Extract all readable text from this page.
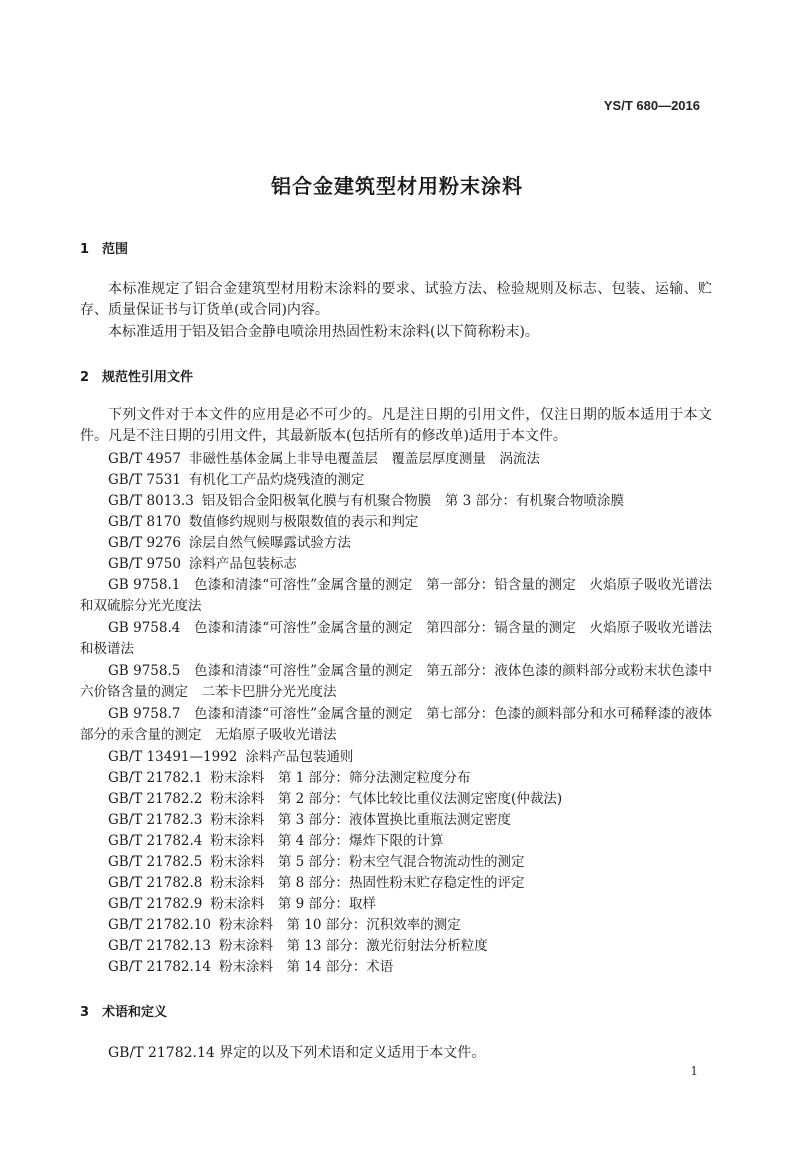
YS/T 680—2016
铝合金建筑型材用粉末涂料
1 范围

本标准规定了铝合金建筑型材用粉末涂料的要求、试验方法、检验规则及标志、包装、运输、贮存、质量保证书与订货单(或合同)内容。

本标准适用于铝及铝合金静电喷涂用热固性粉末涂料(以下简称粉末)。

2 规范性引用文件

下列文件对于本文件的应用是必不可少的。凡是注日期的引用文件，仅注日期的版本适用于本文件。凡是不注日期的引用文件，其最新版本(包括所有的修改单)适用于本文件。

GB/T 4957 非磁性基体金属上非导电覆盖层　覆盖层厚度测量　涡流法
GB/T 7531 有机化工产品灼烧残渣的测定
GB/T 8013.3 铝及铝合金阳极氧化膜与有机聚合物膜　第 3 部分：有机聚合物喷涂膜
GB/T 8170 数值修约规则与极限数值的表示和判定
GB/T 9276 涂层自然气候曝露试验方法
GB/T 9750 涂料产品包装标志

GB 9758.1　 色漆和清漆“可溶性”金属含量的测定　第一部分：铅含量的测定　火焰原子吸收光谱法和双硫腙分光光度法

GB 9758.4　 色漆和清漆“可溶性”金属含量的测定　第四部分：镉含量的测定　火焰原子吸收光谱法和极谱法

GB 9758.5　 色漆和清漆“可溶性”金属含量的测定　第五部分：液体色漆的颜料部分或粉末状色漆中六价铬含量的测定　二苯卡巴肼分光光度法

GB 9758.7　 色漆和清漆“可溶性”金属含量的测定　第七部分：色漆的颜料部分和水可稀释漆的液体部分的汞含量的测定　无焰原子吸收光谱法

GB/T 13491—1992 涂料产品包装通则
GB/T 21782.1 粉末涂料　第 1 部分：筛分法测定粒度分布
GB/T 21782.2 粉末涂料　第 2 部分：气体比较比重仪法测定密度(仲裁法)
GB/T 21782.3 粉末涂料　第 3 部分：液体置换比重瓶法测定密度
GB/T 21782.4 粉末涂料　第 4 部分：爆炸下限的计算
GB/T 21782.5 粉末涂料　第 5 部分：粉末空气混合物流动性的测定
GB/T 21782.8 粉末涂料　第 8 部分：热固性粉末贮存稳定性的评定
GB/T 21782.9 粉末涂料　第 9 部分：取样
GB/T 21782.10 粉末涂料　第 10 部分：沉积效率的测定
GB/T 21782.13 粉末涂料　第 13 部分：激光衍射法分析粒度
GB/T 21782.14 粉末涂料　第 14 部分：术语
3 术语和定义

GB/T 21782.14 界定的以及下列术语和定义适用于本文件。

1
